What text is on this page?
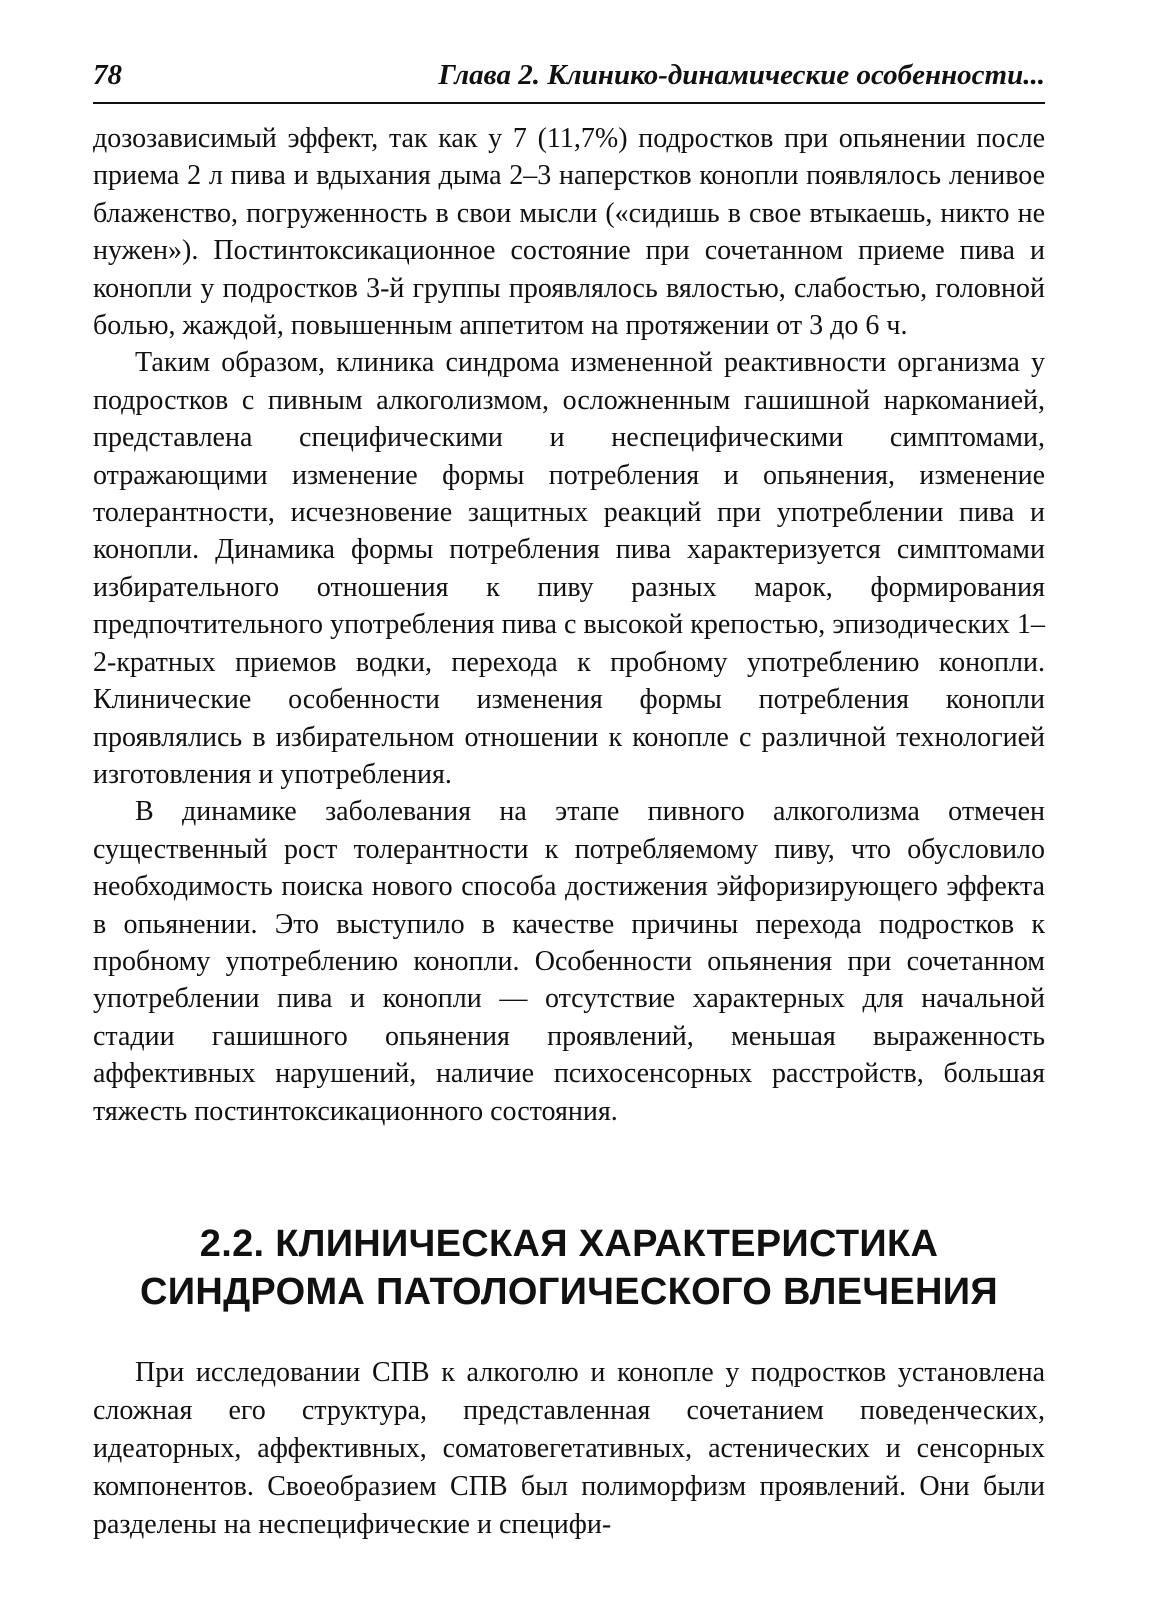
78	Глава 2. Клинико-динамические особенности...

дозозависимый эффект, так как у 7 (11,7%) подростков при опьянении после приема 2 л пива и вдыхания дыма 2–3 наперстков конопли появлялось ленивое блаженство, погруженность в свои мысли («сидишь в свое втыкаешь, никто не нужен»). Постинтоксикационное состояние при сочетанном приеме пива и конопли у подростков 3-й группы проявлялось вялостью, слабостью, головной болью, жаждой, повышенным аппетитом на протяжении от 3 до 6 ч.

Таким образом, клиника синдрома измененной реактивности организма у подростков с пивным алкоголизмом, осложненным гашишной наркоманией, представлена специфическими и неспецифическими симптомами, отражающими изменение формы потребления и опьянения, изменение толерантности, исчезновение защитных реакций при употреблении пива и конопли. Динамика формы потребления пива характеризуется симптомами избирательного отношения к пиву разных марок, формирования предпочтительного употребления пива с высокой крепостью, эпизодических 1–2-кратных приемов водки, перехода к пробному употреблению конопли. Клинические особенности изменения формы потребления конопли проявлялись в избирательном отношении к конопле с различной технологией изготовления и употребления.

В динамике заболевания на этапе пивного алкоголизма отмечен существенный рост толерантности к потребляемому пиву, что обусловило необходимость поиска нового способа достижения эйфоризирующего эффекта в опьянении. Это выступило в качестве причины перехода подростков к пробному употреблению конопли. Особенности опьянения при сочетанном употреблении пива и конопли — отсутствие характерных для начальной стадии гашишного опьянения проявлений, меньшая выраженность аффективных нарушений, наличие психосенсорных расстройств, большая тяжесть постинтоксикационного состояния.

2.2. КЛИНИЧЕСКАЯ ХАРАКТЕРИСТИКА
СИНДРОМА ПАТОЛОГИЧЕСКОГО ВЛЕЧЕНИЯ

При исследовании СПВ к алкоголю и конопле у подростков установлена сложная его структура, представленная сочетанием поведенческих, идеаторных, аффективных, соматовегетативных, астенических и сенсорных компонентов. Своеобразием СПВ был полиморфизм проявлений. Они были разделены на неспецифические и специфи-
